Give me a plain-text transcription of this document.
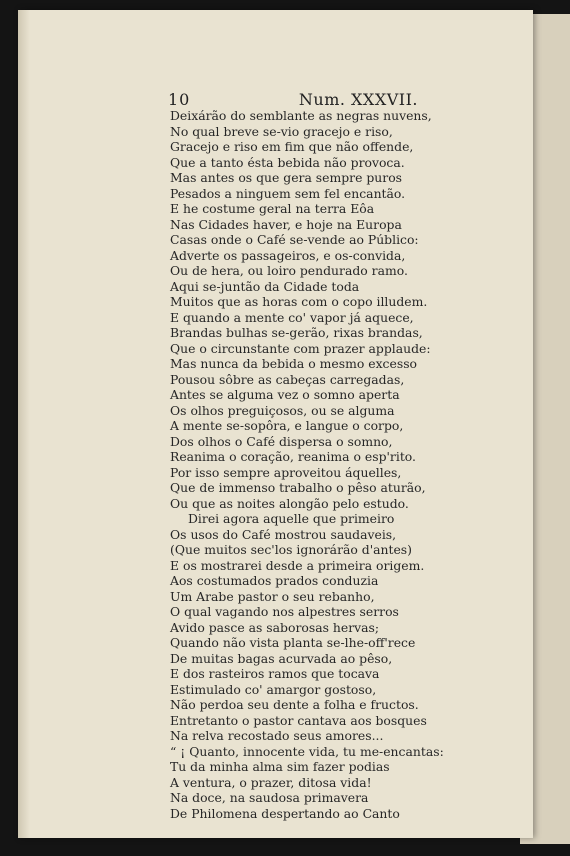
10	Num. XXXVII.
Deixárão do semblante as negras nuvens,
No qual breve se-vio gracejo e riso,
Gracejo e riso em fim que não offende,
Que a tanto ésta bebida não provoca.
Mas antes os que gera sempre puros
Pesados a ninguem sem fel encantão.
E he costume geral na terra Eôa
Nas Cidades haver, e hoje na Europa
Casas onde o Café se-vende ao Público:
Adverte os passageiros, e os-convida,
Ou de hera, ou loiro pendurado ramo.
Aqui se-juntão da Cidade toda
Muitos que as horas com o copo illudem.
E quando a mente co' vapor já aquece,
Brandas bulhas se-gerão, rixas brandas,
Que o circunstante com prazer applaude:
Mas nunca da bebida o mesmo excesso
Pousou sôbre as cabeças carregadas,
Antes se alguma vez o somno aperta
Os olhos preguiçosos, ou se alguma
A mente se-sopôra, e langue o corpo,
Dos olhos o Café dispersa o somno,
Reanima o coração, reanima o esp'rito.
Por isso sempre aproveitou áquelles,
Que de immenso trabalho o pêso aturão,
Ou que as noites alongão pelo estudo.
Direi agora aquelle que primeiro
Os usos do Café mostrou saudaveis,
(Que muitos sec'los ignorárão d'antes)
E os mostrarei desde a primeira origem.
Aos costumados prados conduzia
Um Arabe pastor o seu rebanho,
O qual vagando nos alpestres serros
Avido pasce as saborosas hervas;
Quando não vista planta se-lhe-off'rece
De muitas bagas acurvada ao pêso,
E dos rasteiros ramos que tocava
Estimulado co' amargor gostoso,
Não perdoa seu dente a folha e fructos.
Entretanto o pastor cantava aos bosques
Na relva recostado seus amores...
“ ¡ Quanto, innocente vida, tu me-encantas:
Tu da minha alma sim fazer podias
A ventura, o prazer, ditosa vida!
Na doce, na saudosa primavera
De Philomena despertando ao Canto
